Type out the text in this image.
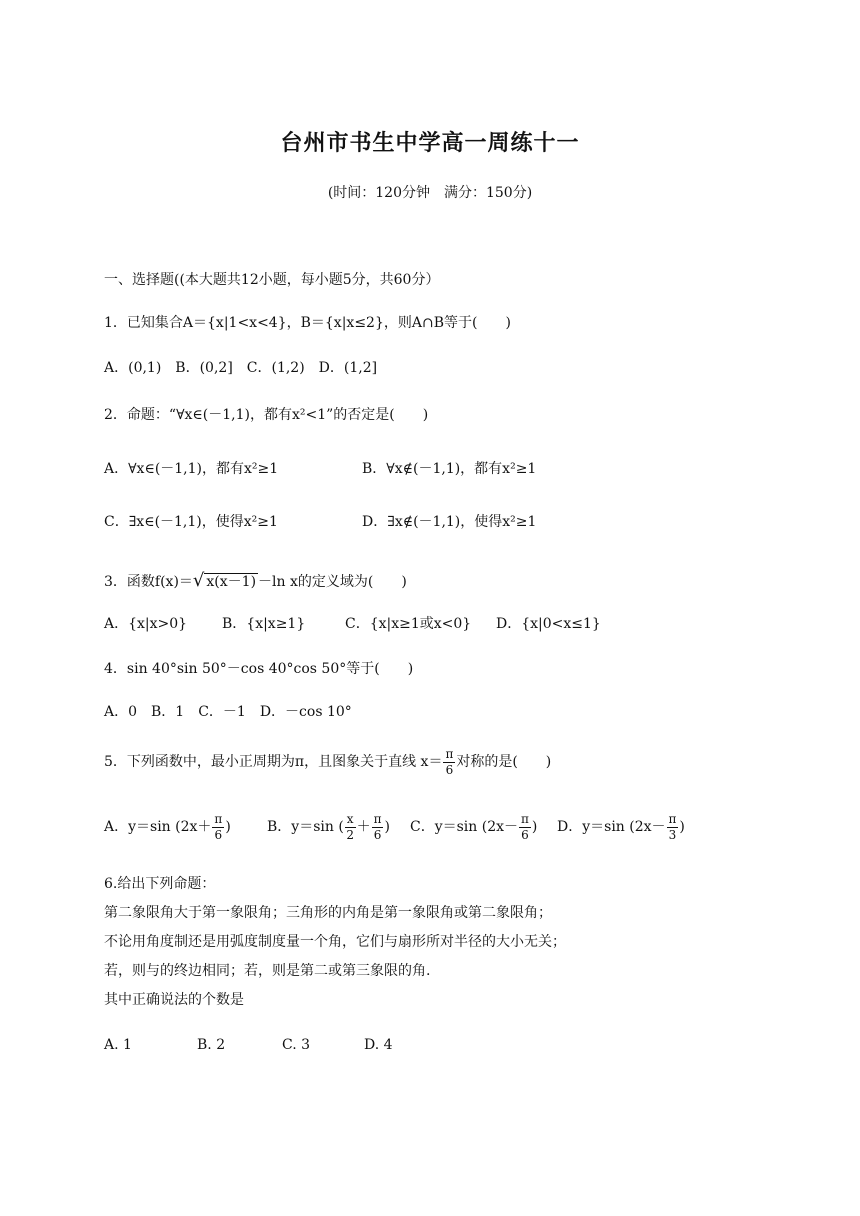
台州市书生中学高一周练十一
(时间：120分钟　满分：150分)
一、选择题((本大题共12小题，每小题5分，共60分）
1．已知集合A＝{x|1<x<4}，B＝{x|x≤2}，则A∩B等于(　　)
A．(0,1)　B．(0,2]　C．(1,2)　D．(1,2]
2．命题：“∀x∈(－1,1)，都有x²<1”的否定是(　　)
A．∀x∈(－1,1)，都有x²≥1	B．∀x∉(－1,1)，都有x²≥1
C．∃x∈(－1,1)，使得x²≥1	D．∃x∉(－1,1)，使得x²≥1
3．函数f(x)＝√ x(x－1) －ln x的定义域为(　　)
A．{x|x>0} B．{x|x≥1}	C．{x|x≥1或x<0} D．{x|0<x≤1}
4．sin 40°sin 50°－cos 40°cos 50°等于(　　)
A．0　B．1　C．－1　D．－cos 10°
5．下列函数中，最小正周期为π，且图象关于直线 $x= \frac{\pi}{6}$ 对称的是(　　)
A．y＝sin ($2x+ \frac{\pi}{6}$ )	B．y＝sin ( $\frac{x}{2} + \frac{\pi}{6}$ ) C．y＝sin ($2x- \frac{\pi}{6}$ ) D．y＝sin ($2x- \frac{\pi}{3}$ )
6.给出下列命题：
第二象限角大于第一象限角；三角形的内角是第一象限角或第二象限角；
不论用角度制还是用弧度制度量一个角，它们与扇形所对半径的大小无关；
若，则与的终边相同；若，则是第二或第三象限的角.
其中正确说法的个数是
A. 1	B. 2	C. 3	D. 4
